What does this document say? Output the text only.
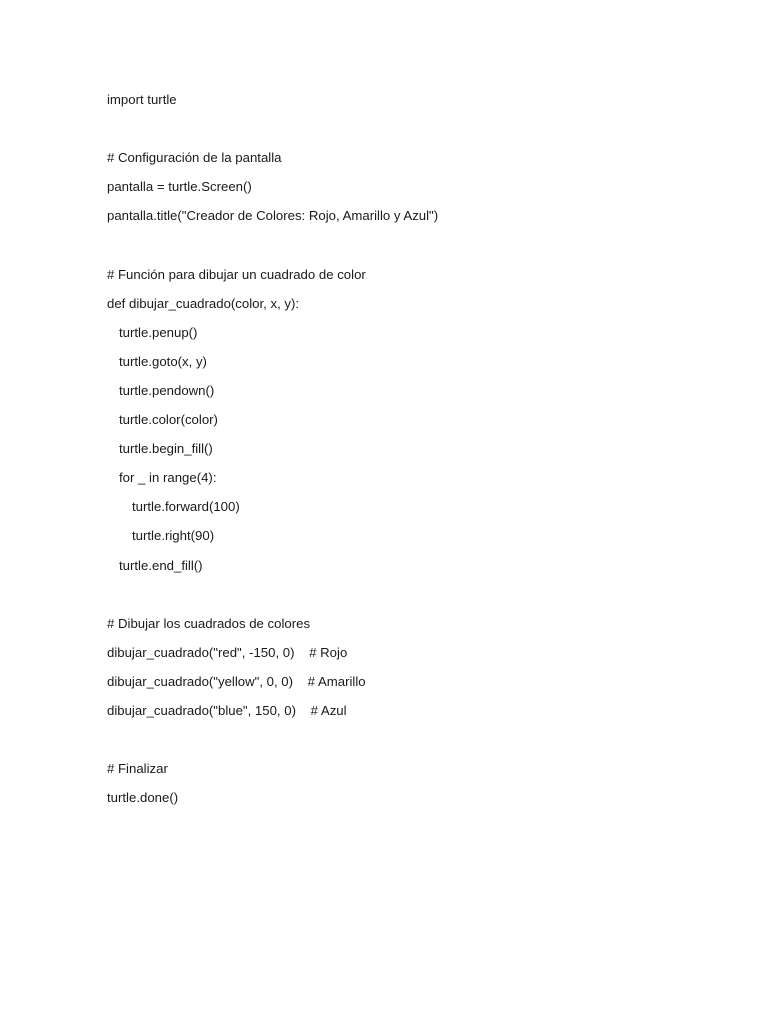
import turtle
# Configuración de la pantalla
pantalla = turtle.Screen()
pantalla.title("Creador de Colores: Rojo, Amarillo y Azul")
# Función para dibujar un cuadrado de color
def dibujar_cuadrado(color, x, y):
turtle.penup()
turtle.goto(x, y)
turtle.pendown()
turtle.color(color)
turtle.begin_fill()
for _ in range(4):
turtle.forward(100)
turtle.right(90)
turtle.end_fill()
# Dibujar los cuadrados de colores
dibujar_cuadrado("red", -150, 0)    # Rojo
dibujar_cuadrado("yellow", 0, 0)    # Amarillo
dibujar_cuadrado("blue", 150, 0)    # Azul
# Finalizar
turtle.done()
